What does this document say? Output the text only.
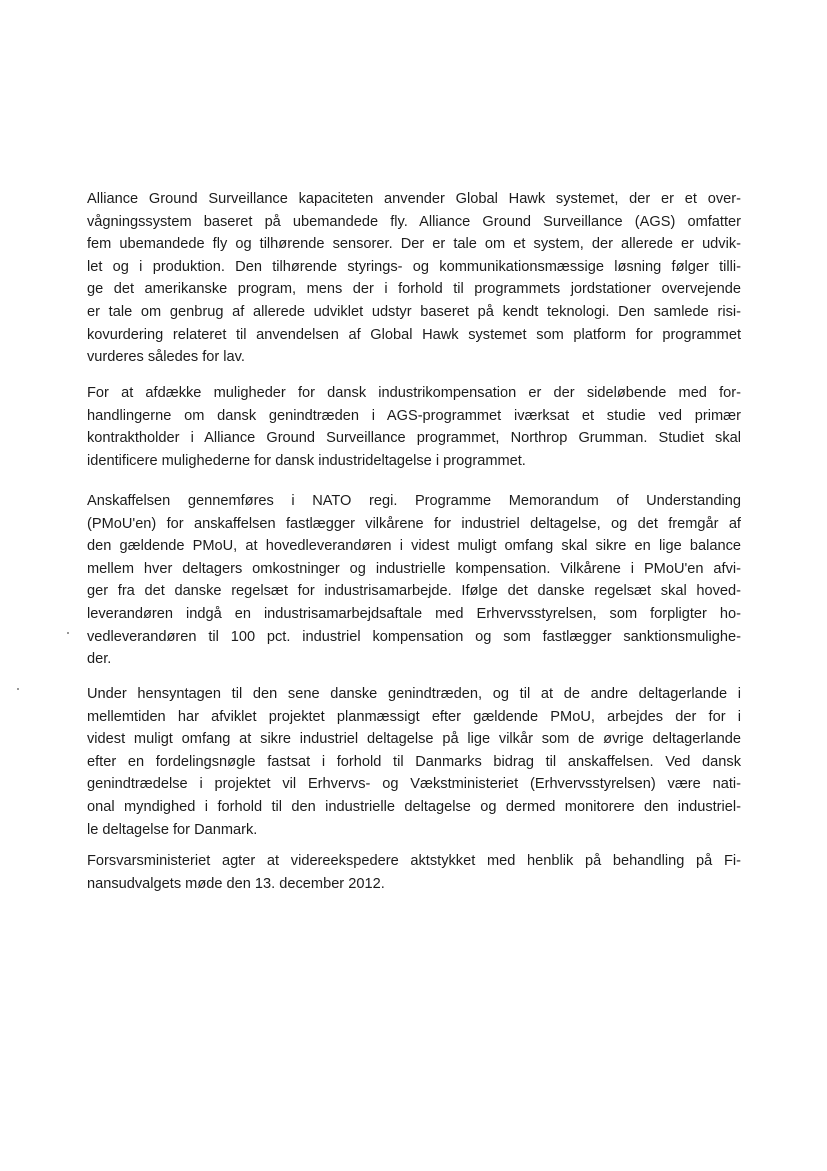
Alliance Ground Surveillance kapaciteten anvender Global Hawk systemet, der er et over-
vågningssystem baseret på ubemandede fly. Alliance Ground Surveillance (AGS) omfatter
fem ubemandede fly og tilhørende sensorer. Der er tale om et system, der allerede er udvik-
let og i produktion. Den tilhørende styrings- og kommunikationsmæssige løsning følger tilli-
ge det amerikanske program, mens der i forhold til programmets jordstationer overvejende
er tale om genbrug af allerede udviklet udstyr baseret på kendt teknologi. Den samlede risi-
kovurdering relateret til anvendelsen af Global Hawk systemet som platform for programmet
vurderes således for lav.
For at afdække muligheder for dansk industrikompensation er der sideløbende med for-
handlingerne om dansk genindtræden i AGS-programmet iværksat et studie ved primær
kontraktholder i Alliance Ground Surveillance programmet, Northrop Grumman. Studiet skal
identificere mulighederne for dansk industrideltagelse i programmet.
Anskaffelsen gennemføres i NATO regi. Programme Memorandum of Understanding
(PMoU'en) for anskaffelsen fastlægger vilkårene for industriel deltagelse, og det fremgår af
den gældende PMoU, at hovedleverandøren i videst muligt omfang skal sikre en lige balance
mellem hver deltagers omkostninger og industrielle kompensation. Vilkårene i PMoU'en afvi-
ger fra det danske regelsæt for industrisamarbejde. Ifølge det danske regelsæt skal hoved-
leverandøren indgå en industrisamarbejdsaftale med Erhvervsstyrelsen, som forpligter ho-
vedleverandøren til 100 pct. industriel kompensation og som fastlægger sanktionsmulighe-
der.
Under hensyntagen til den sene danske genindtræden, og til at de andre deltagerlande i
mellemtiden har afviklet projektet planmæssigt efter gældende PMoU, arbejdes der for i
videst muligt omfang at sikre industriel deltagelse på lige vilkår som de øvrige deltagerlande
efter en fordelingsnøgle fastsat i forhold til Danmarks bidrag til anskaffelsen. Ved dansk
genindtrædelse i projektet vil Erhvervs- og Vækstministeriet (Erhvervsstyrelsen) være nati-
onal myndighed i forhold til den industrielle deltagelse og dermed monitorere den industriel-
le deltagelse for Danmark.
Forsvarsministeriet agter at videreekspedere aktstykket med henblik på behandling på Fi-
nansudvalgets møde den 13. december 2012.
